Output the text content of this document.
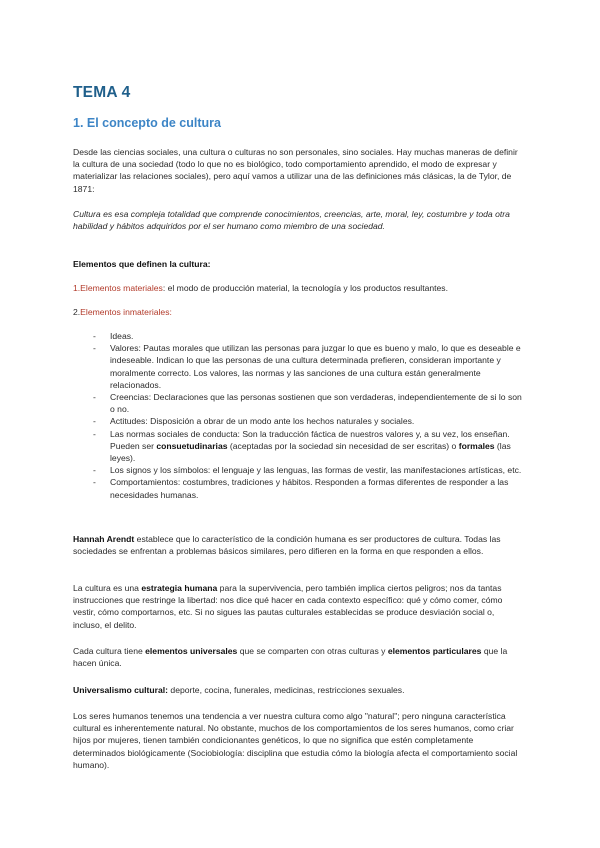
TEMA 4
1. El concepto de cultura

Desde las ciencias sociales, una cultura o culturas no son personales, sino sociales. Hay muchas maneras de definir la cultura de una sociedad (todo lo que no es biológico, todo comportamiento aprendido, el modo de expresar y materializar las relaciones sociales), pero aquí vamos a utilizar una de las definiciones más clásicas, la de Tylor, de 1871:

Cultura es esa compleja totalidad que comprende conocimientos, creencias, arte, moral, ley, costumbre y toda otra habilidad y hábitos adquiridos por el ser humano como miembro de una sociedad.

Elementos que definen la cultura:

1.Elementos materiales: el modo de producción material, la tecnología y los productos resultantes.

2.Elementos inmateriales:

- Ideas.
- Valores: Pautas morales que utilizan las personas para juzgar lo que es bueno y malo, lo que es deseable e indeseable. Indican lo que las personas de una cultura determinada prefieren, consideran importante y moralmente correcto. Los valores, las normas y las sanciones de una cultura están generalmente relacionados.
- Creencias: Declaraciones que las personas sostienen que son verdaderas, independientemente de si lo son o no.
- Actitudes: Disposición a obrar de un modo ante los hechos naturales y sociales.
- Las normas sociales de conducta: Son la traducción fáctica de nuestros valores y, a su vez, los enseñan. Pueden ser consuetudinarias (aceptadas por la sociedad sin necesidad de ser escritas) o formales (las leyes).
- Los signos y los símbolos: el lenguaje y las lenguas, las formas de vestir, las manifestaciones artísticas, etc.
- Comportamientos: costumbres, tradiciones y hábitos. Responden a formas diferentes de responder a las necesidades humanas.

Hannah Arendt establece que lo característico de la condición humana es ser productores de cultura. Todas las sociedades se enfrentan a problemas básicos similares, pero difieren en la forma en que responden a ellos.

La cultura es una estrategia humana para la supervivencia, pero también implica ciertos peligros; nos da tantas instrucciones que restringe la libertad: nos dice qué hacer en cada contexto específico: qué y cómo comer, cómo vestir, cómo comportarnos, etc. Si no sigues las pautas culturales establecidas se produce desviación social o, incluso, el delito.

Cada cultura tiene elementos universales que se comparten con otras culturas y elementos particulares que la hacen única.

Universalismo cultural: deporte, cocina, funerales, medicinas, restricciones sexuales.

Los seres humanos tenemos una tendencia a ver nuestra cultura como algo "natural"; pero ninguna característica cultural es inherentemente natural. No obstante, muchos de los comportamientos de los seres humanos, como criar hijos por mujeres, tienen también condicionantes genéticos, lo que no significa que estén completamente determinados biológicamente (Sociobiología: disciplina que estudia cómo la biología afecta el comportamiento social humano).
